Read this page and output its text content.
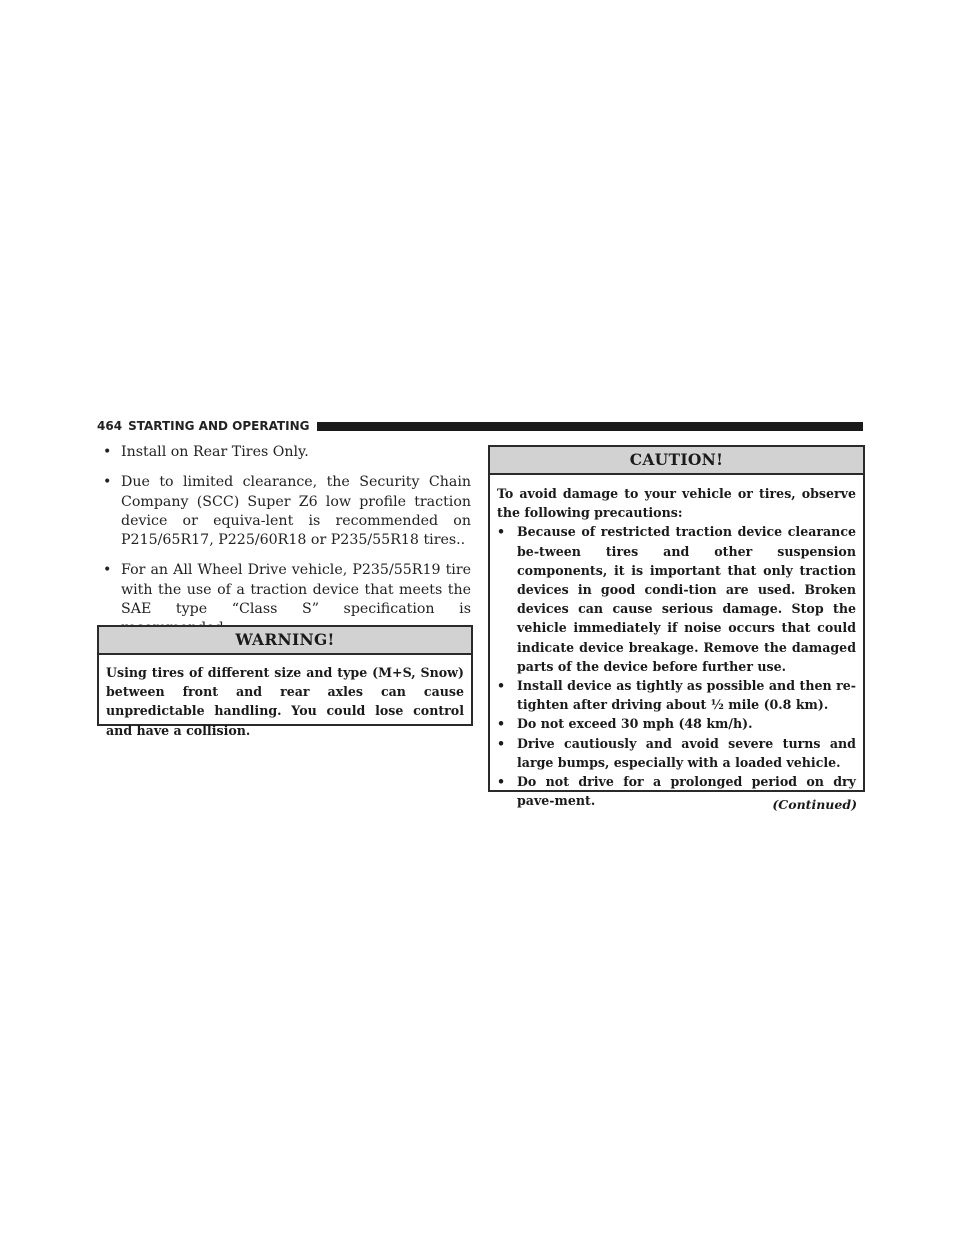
464 STARTING AND OPERATING
• Install on Rear Tires Only.
• Due to limited clearance, the Security Chain Company (SCC) Super Z6 low profile traction device or equiva-lent is recommended on P215/65R17, P225/60R18 or P235/55R18 tires..
• For an All Wheel Drive vehicle, P235/55R19 tire with the use of a traction device that meets the SAE type “Class S” specification is
WARNING!
Using tires of different size and type (M+S, Snow) between front and rear axles can cause unpredictable handling. You could lose control and have a collision.
CAUTION!
To avoid damage to your vehicle or tires, observe the following precautions:
• Because of restricted traction device clearance be-tween tires and other suspension components, it is important that only traction devices in good condi-tion are used. Broken devices can cause serious damage. Stop the vehicle immediately if noise occurs that could indicate device breakage. Remove the damaged parts of the device before further use.
• Install device as tightly as possible and then re-tighten after driving about ½ mile (0.8 km).
• Do not exceed 30 mph (48 km/h).
• Drive cautiously and avoid severe turns and large bumps, especially with a loaded vehicle.
• Do not drive for a prolonged period on dry pave-ment.	(Continued)
